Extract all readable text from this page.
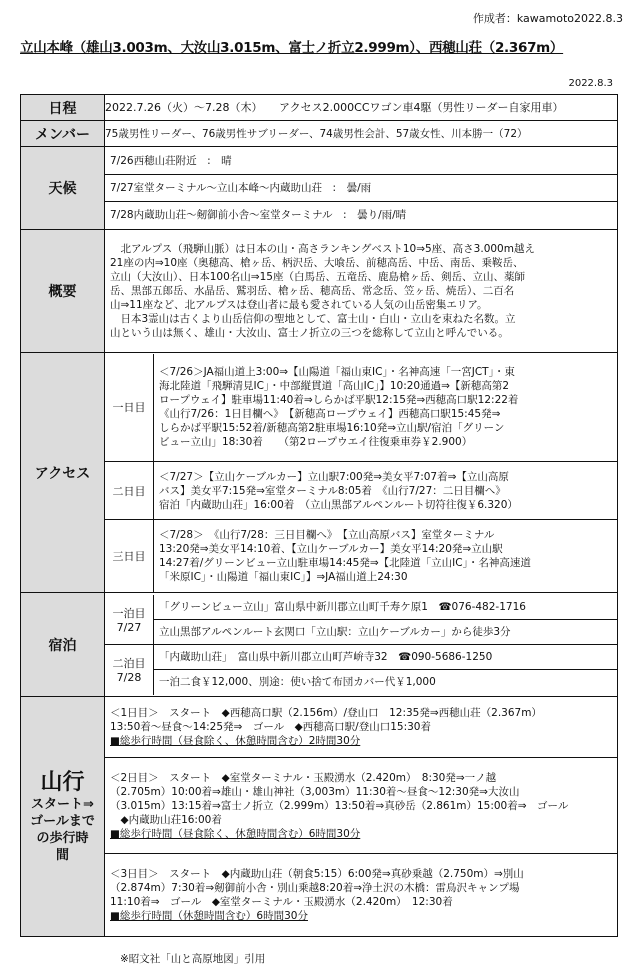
作成者：kawamoto2022.8.3
立山本峰（雄山3.003m、大汝山3.015m、富士ノ折立2.999m）、西穂山荘（2.367m）
2022.8.3
日程	2022.7.26（火）〜7.28（木）　　アクセス2.000CCワゴン車4駆（男性リーダー自家用車）
メンバー	75歳男性リーダー、76歳男性サブリーダー、74歳男性会計、57歳女性、川本勝一（72）
天候	
7/26西穂山荘附近　:　晴
7/27室堂ターミナル〜立山本峰〜内蔵助山荘　:　曇/雨
7/28内蔵助山荘〜剱御前小舎〜室堂ターミナル　:　曇り/雨/晴

概要	
　北アルプス（飛騨山脈）は日本の山・高さランキングベスト10⇒5座、高さ3.000m越え
21座の内⇒10座（奥穂高、槍ヶ岳、柄沢岳、大喰岳、前穂高岳、中岳、南岳、乗鞍岳、
立山（大汝山）、日本100名山⇒15座（白馬岳、五竜岳、鹿島槍ヶ岳、剣岳、立山、薬師
岳、黒部五郎岳、水晶岳、鷲羽岳、槍ヶ岳、穂高岳、常念岳、笠ヶ岳、焼岳）、二百名
山⇒11座など、北アルプスは登山者に最も愛されている人気の山岳密集エリア。
　日本3霊山は古くより山岳信仰の聖地として、富士山・白山・立山を束ねた名数。立
山という山は無く、雄山・大汝山、富士ノ折立の三つを総称して立山と呼んでいる。

アクセス	
一日目	
＜7/26＞JA福山道上3:00⇒【山陽道「福山東IC」・名神高速「一宮JCT」・東
海北陸道「飛騨清見IC」・中部縦貫道「高山IC」】10:20通過⇒【新穂高第2
ロープウェイ】駐車場11:40着⇒しらかば平駅12:15発⇒西穂高口駅12:22着
《山行7/26：1日目欄へ》　【新穂高ロープウェイ】西穂高口駅15:45発⇒
しらかば平駅15:52着/新穂高第2駐車場16:10発⇒立山駅/宿泊「グリーン
ビュー立山」18:30着　　（第2ロープウエイ往復乗車券￥2.900）

二日目	
＜7/27＞【立山ケーブルカー】立山駅7:00発⇒美女平7:07着⇒【立山高原
バス】美女平7:15発⇒室堂ターミナル8:05着　《山行7/27：二日目欄へ》
宿泊「内蔵助山荘」16:00着　（立山黒部アルペンルート切符往復￥6.320）

三日目	
＜7/28＞　《山行7/28：三日目欄へ》　【立山高原バス】室堂ターミナル
13:20発⇒美女平14:10着、【立山ケーブルカー】美女平14:20発⇒立山駅
14:27着/グリーンビュー立山駐車場14:45発⇒【北陸道「立山IC」・名神高速道
「米原IC」・山陽道「福山東IC」】⇒JA福山道上24:30

宿泊	
一泊目
7/27
	「グリーンビュー立山」富山県中新川郡立山町千寿ケ原1　☎076-482-1716
立山黒部アルペンルート玄関口「立山駅：立山ケーブルカー」から徒歩3分

二泊目
7/28
	「内蔵助山荘」　富山県中新川郡立山町芦峅寺32　☎090-5686-1250
一泊二食￥12,000、別途：使い捨て布団カバー代￥1,000

山行
スタート⇒
ゴールまで
の歩行時
間

＜1日目＞　スタート　◆西穂高口駅（2.156m）/登山口　12:35発⇒西穂山荘（2.367m）
13:50着〜昼食〜14:25発⇒　ゴール　◆西穂高口駅/登山口15:30着
■総歩行時間（昼食除く、休憩時間含む）2時間30分

＜2日目＞　スタート　◆室堂ターミナル・玉殿湧水（2.420m）　8:30発⇒一ノ越
（2.705m）10:00着⇒雄山・雄山神社（3,003m）11:30着〜昼食〜12:30発⇒大汝山
（3.015m）13:15着⇒富士ノ折立（2.999m）13:50着⇒真砂岳（2.861m）15:00着⇒　ゴール
　◆内蔵助山荘16:00着
■総歩行時間（昼食除く、休憩時間含む）6時間30分

＜3日目＞　スタート　◆内蔵助山荘（朝食5:15）6:00発⇒真砂乗越（2.750m）⇒別山
（2.874m）7:30着⇒剱御前小舎・別山乗越8:20着⇒浄土沢の木橋：雷鳥沢キャンプ場
11:10着⇒　ゴール　◆室堂ターミナル・玉殿湧水（2.420m）　12:30着
■総歩行時間（休憩時間含む）6時間30分
※昭文社「山と高原地図」引用
